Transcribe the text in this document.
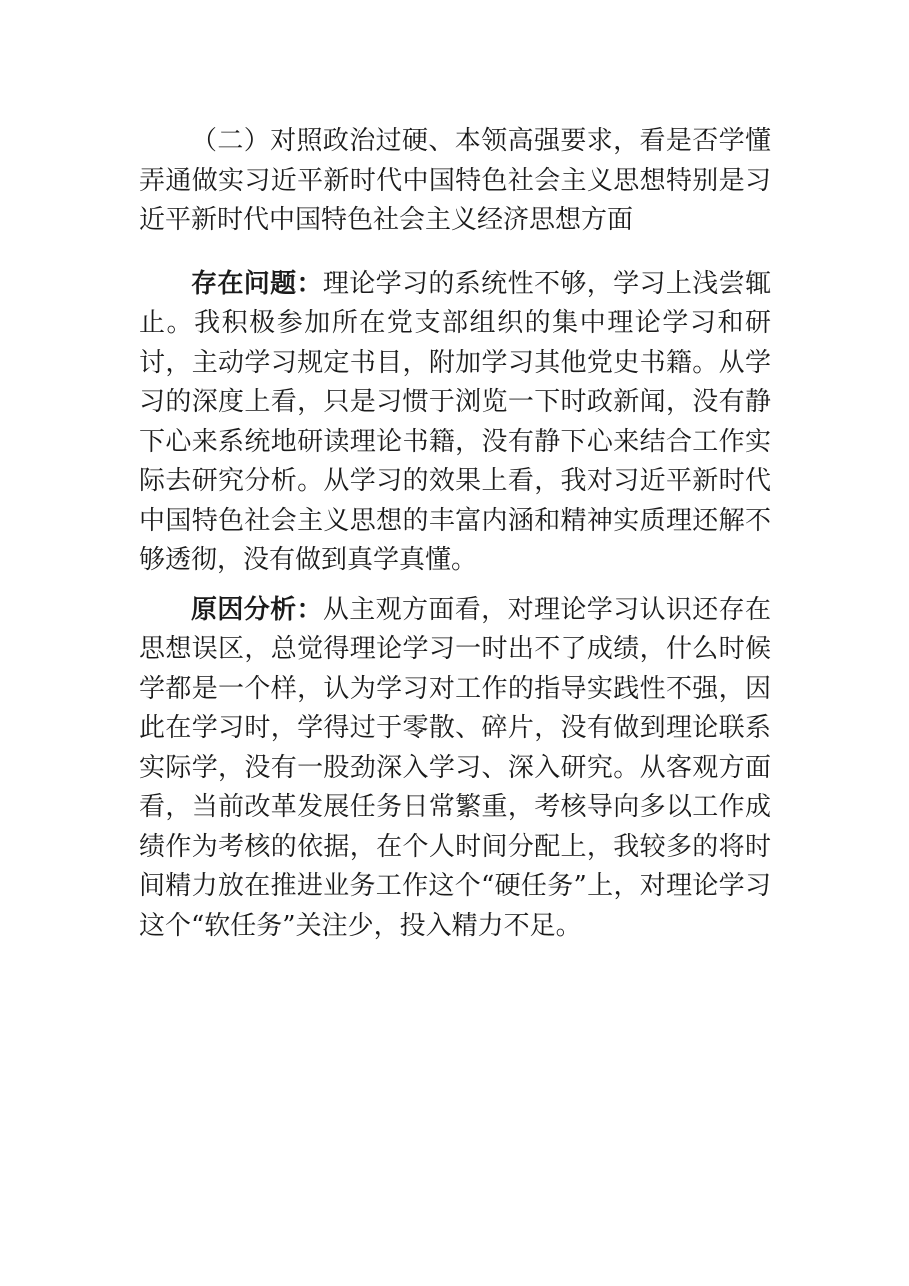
（二）对照政治过硬、本领高强要求，看是否学懂弄通做实习近平新时代中国特色社会主义思想特别是习近平新时代中国特色社会主义经济思想方面

存在问题：理论学习的系统性不够，学习上浅尝辄止。我积极参加所在党支部组织的集中理论学习和研讨，主动学习规定书目，附加学习其他党史书籍。从学习的深度上看，只是习惯于浏览一下时政新闻，没有静下心来系统地研读理论书籍，没有静下心来结合工作实际去研究分析。从学习的效果上看，我对习近平新时代中国特色社会主义思想的丰富内涵和精神实质理还解不够透彻，没有做到真学真懂。

原因分析：从主观方面看，对理论学习认识还存在思想误区，总觉得理论学习一时出不了成绩，什么时候学都是一个样，认为学习对工作的指导实践性不强，因此在学习时，学得过于零散、碎片，没有做到理论联系实际学，没有一股劲深入学习、深入研究。从客观方面看，当前改革发展任务日常繁重，考核导向多以工作成绩作为考核的依据，在个人时间分配上，我较多的将时间精力放在推进业务工作这个“硬任务”上，对理论学习这个“软任务”关注少，投入精力不足。
